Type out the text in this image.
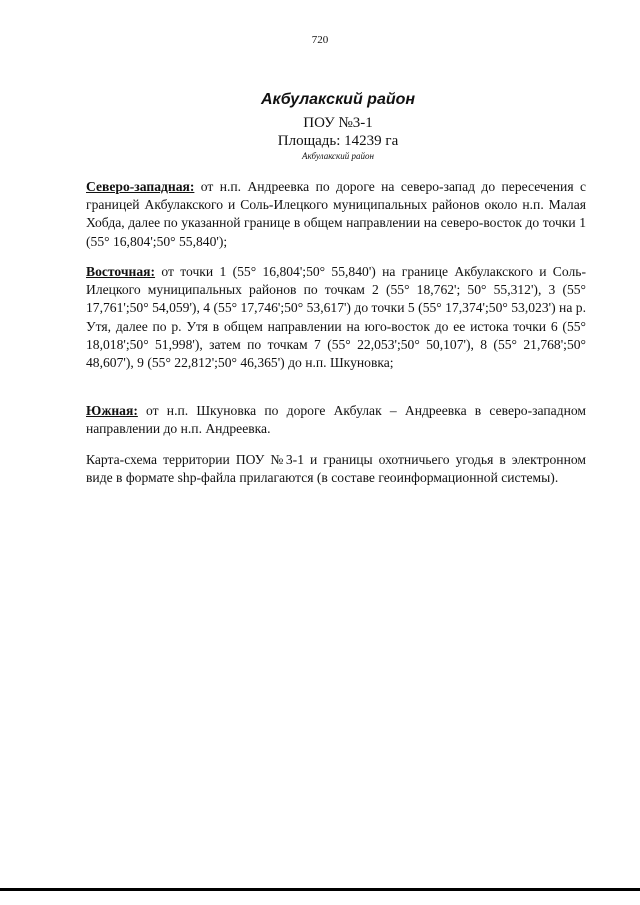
720
Акбулакский район
ПОУ №3-1
Площадь: 14239 га
Акбулакский район

Северо-западная: от н.п. Андреевка по дороге на северо-запад до пересечения с границей Акбулакского и Соль-Илецкого муниципальных районов около н.п. Малая Хобда, далее по указанной границе в общем направлении на северо-восток до точки 1 (55° 16,804';50° 55,840');

Восточная: от точки 1 (55° 16,804';50° 55,840') на границе Акбулакского и Соль-Илецкого муниципальных районов по точкам 2 (55° 18,762'; 50° 55,312'), 3 (55° 17,761';50° 54,059'), 4 (55° 17,746';50° 53,617') до точки 5 (55° 17,374';50° 53,023') на р. Утя, далее по р. Утя в общем направлении на юго-восток до ее истока точки 6 (55° 18,018';50° 51,998'), затем по точкам 7 (55° 22,053';50° 50,107'), 8 (55° 21,768';50° 48,607'), 9 (55° 22,812';50° 46,365') до н.п. Шкуновка;

Южная: от н.п. Шкуновка по дороге Акбулак – Андреевка в северо-западном направлении до н.п. Андреевка.

Карта-схема территории ПОУ №3-1 и границы охотничьего угодья в электронном виде в формате shp-файла прилагаются (в составе геоинформационной системы).
